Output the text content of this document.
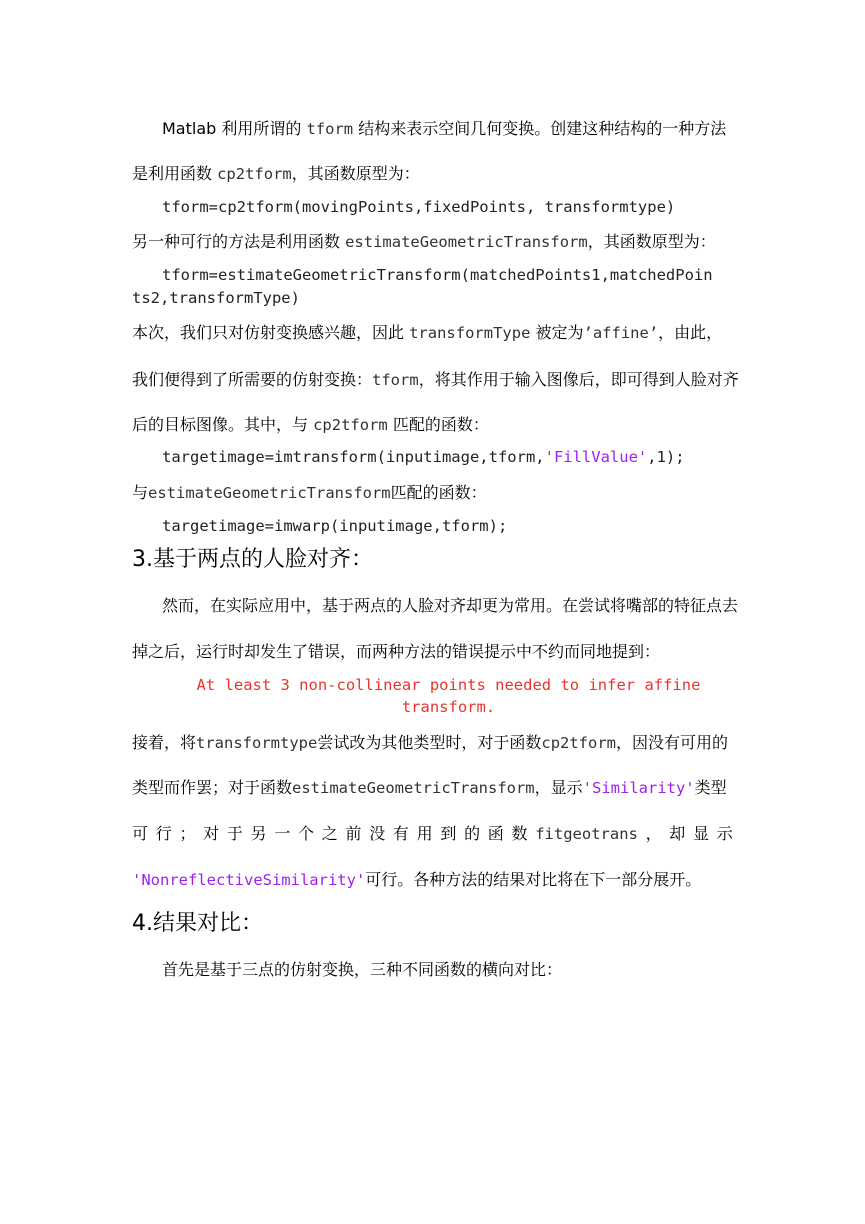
Matlab 利用所谓的 tform 结构来表示空间几何变换。创建这种结构的一种方法
是利用函数 cp2tform，其函数原型为：
tform=cp2tform(movingPoints,fixedPoints, transformtype)
另一种可行的方法是利用函数 estimateGeometricTransform，其函数原型为：
tform=estimateGeometricTransform(matchedPoints1,matchedPoin
ts2,transformType)
本次，我们只对仿射变换感兴趣，因此 transformType 被定为’affine’，由此，
我们便得到了所需要的仿射变换：tform，将其作用于输入图像后，即可得到人脸对齐
后的目标图像。其中，与 cp2tform 匹配的函数：
targetimage=imtransform(inputimage,tform,'FillValue',1);
与estimateGeometricTransform匹配的函数：
targetimage=imwarp(inputimage,tform);
3.基于两点的人脸对齐：
然而，在实际应用中，基于两点的人脸对齐却更为常用。在尝试将嘴部的特征点去
掉之后，运行时却发生了错误，而两种方法的错误提示中不约而同地提到：
At least 3 non-collinear points needed to infer affine
transform.
接着，将transformtype尝试改为其他类型时，对于函数cp2tform，因没有可用的
类型而作罢；对于函数estimateGeometricTransform，显示'Similarity'类型
可 行 ； 对 于 另 一 个 之 前 没 有 用 到 的 函 数 fitgeotrans ， 却 显 示
'NonreflectiveSimilarity'可行。各种方法的结果对比将在下一部分展开。
4.结果对比：
首先是基于三点的仿射变换，三种不同函数的横向对比：
